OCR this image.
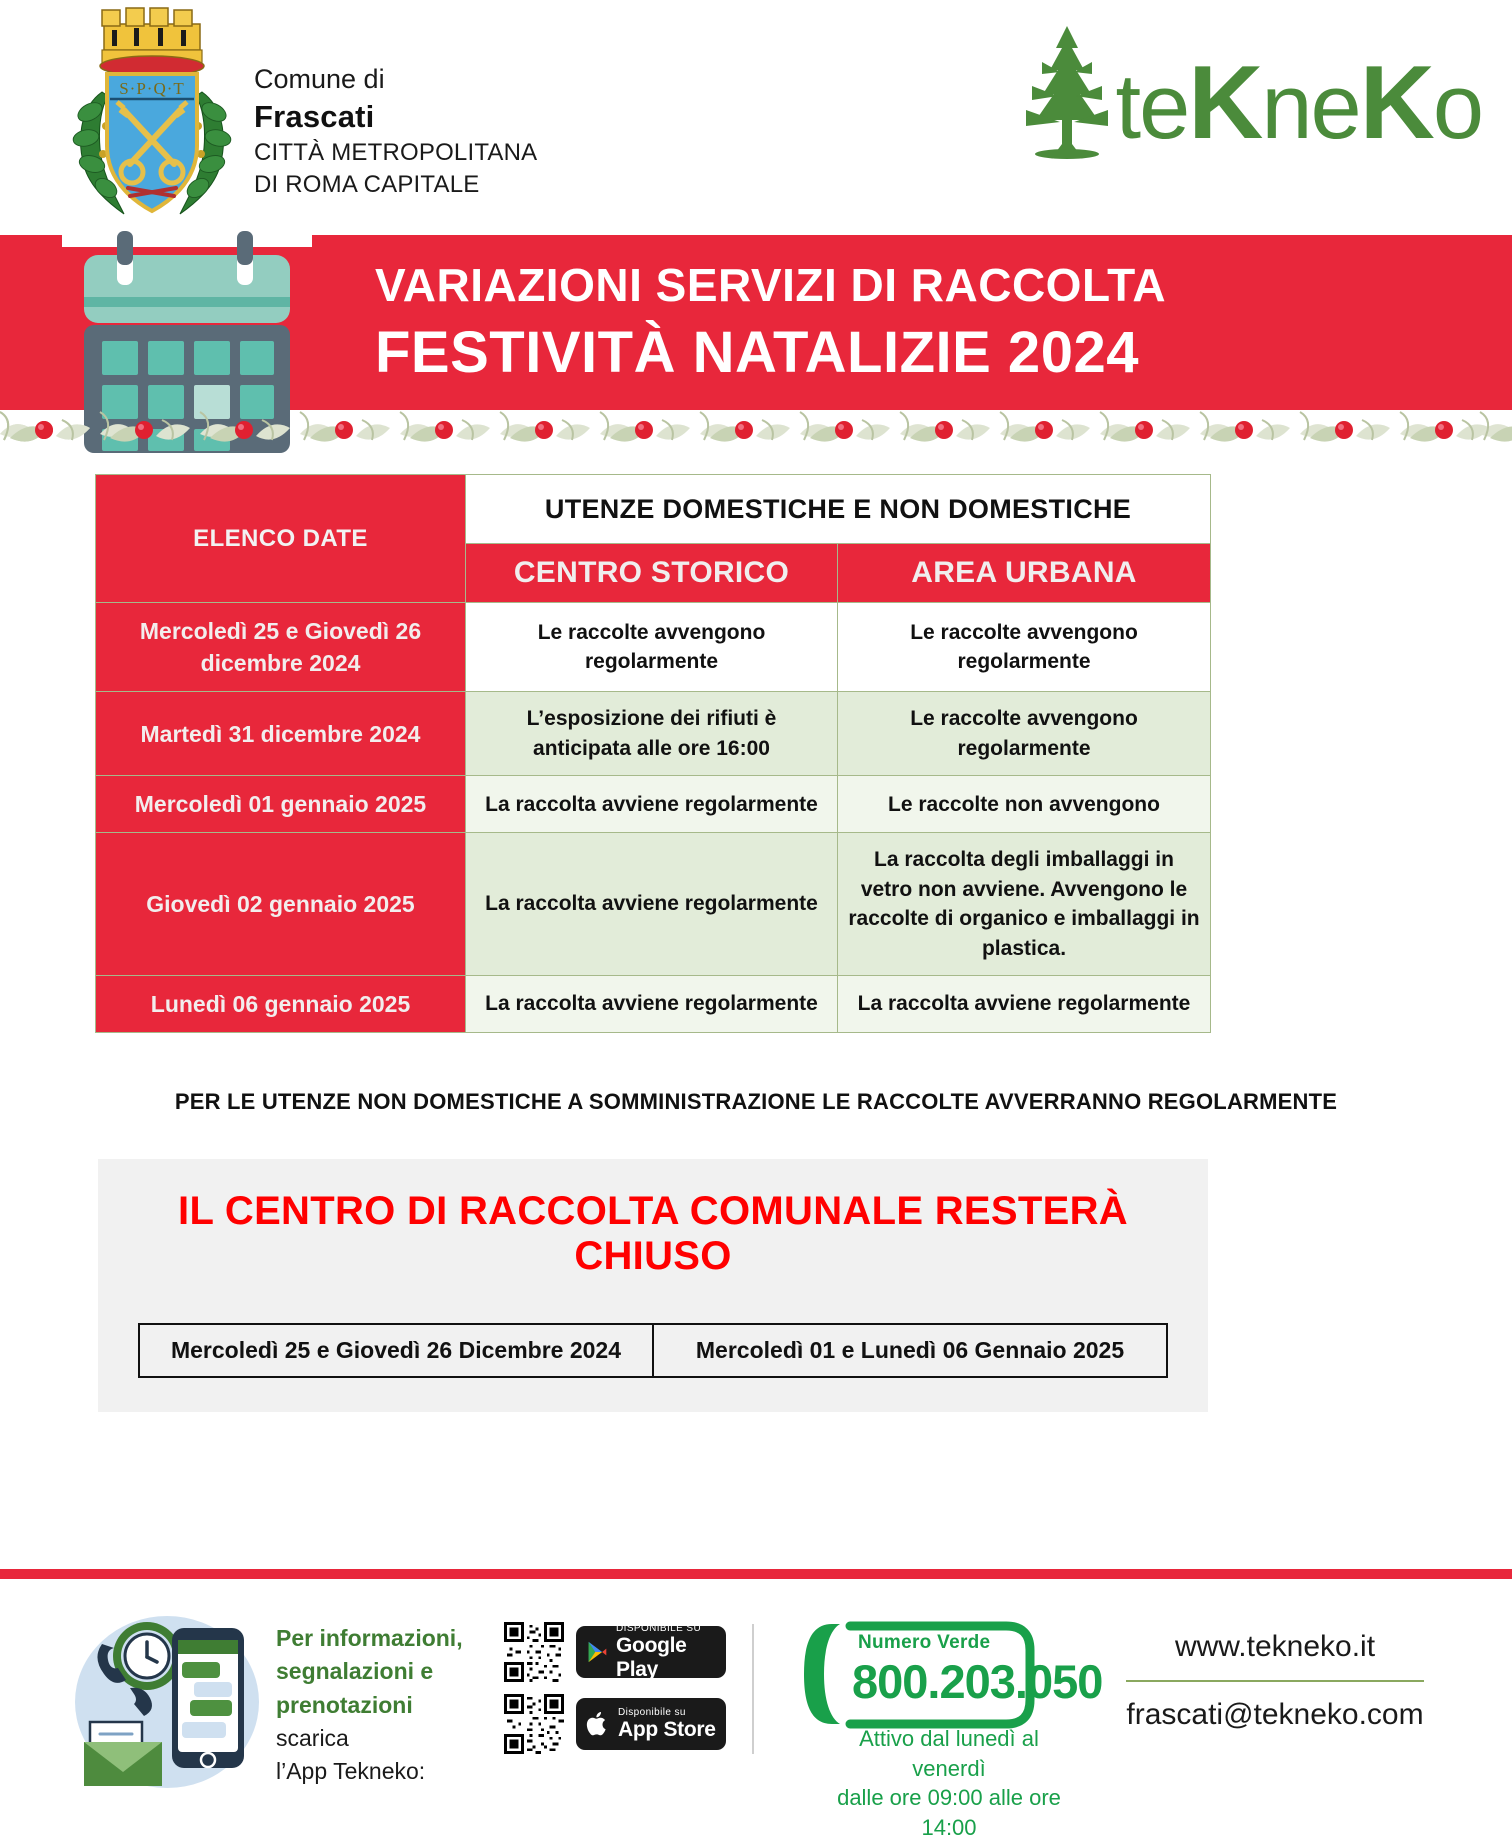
S·P·Q·T	Comune di
Frascati
CITTÀ METROPOLITANA
DI ROMA CAPITALE
teKneKo
VARIAZIONI SERVIZI DI RACCOLTA
FESTIVITÀ NATALIZIE 2024
ELENCO DATE	UTENZE DOMESTICHE E NON DOMESTICHE	
	CENTRO STORICO	AREA URBANA
Mercoledì 25 e Giovedì 26 dicembre 2024	Le raccolte avvengono regolarmente	Le raccolte avvengono regolarmente
Martedì 31 dicembre 2024	L’esposizione dei rifiuti è anticipata alle ore 16:00	Le raccolte avvengono regolarmente
Mercoledì 01 gennaio 2025	La raccolta avviene regolarmente	Le raccolte non avvengono
Giovedì 02 gennaio 2025	La raccolta avviene regolarmente	La raccolta degli imballaggi in vetro non avviene. Avvengono le raccolte di organico e imballaggi in plastica.
Lunedì 06 gennaio 2025	La raccolta avviene regolarmente	La raccolta avviene regolarmente
PER LE UTENZE NON DOMESTICHE A SOMMINISTRAZIONE LE RACCOLTE AVVERRANNO REGOLARMENTE
IL CENTRO DI RACCOLTA COMUNALE RESTERÀ CHIUSO
Mercoledì 25 e Giovedì 26 Dicembre 2024	Mercoledì 01 e Lunedì 06 Gennaio 2025
Per informazioni,
segnalazioni e
prenotazioni scarica
l’App Teknеko:
DISPONIBILE SU
Google Play
Disponibile su
App Store
Numero Verde
800.203.050
Attivo dal lunedì al venerdì
dalle ore 09:00 alle ore 14:00
www.tekneko.it
frascati@tekneko.com
